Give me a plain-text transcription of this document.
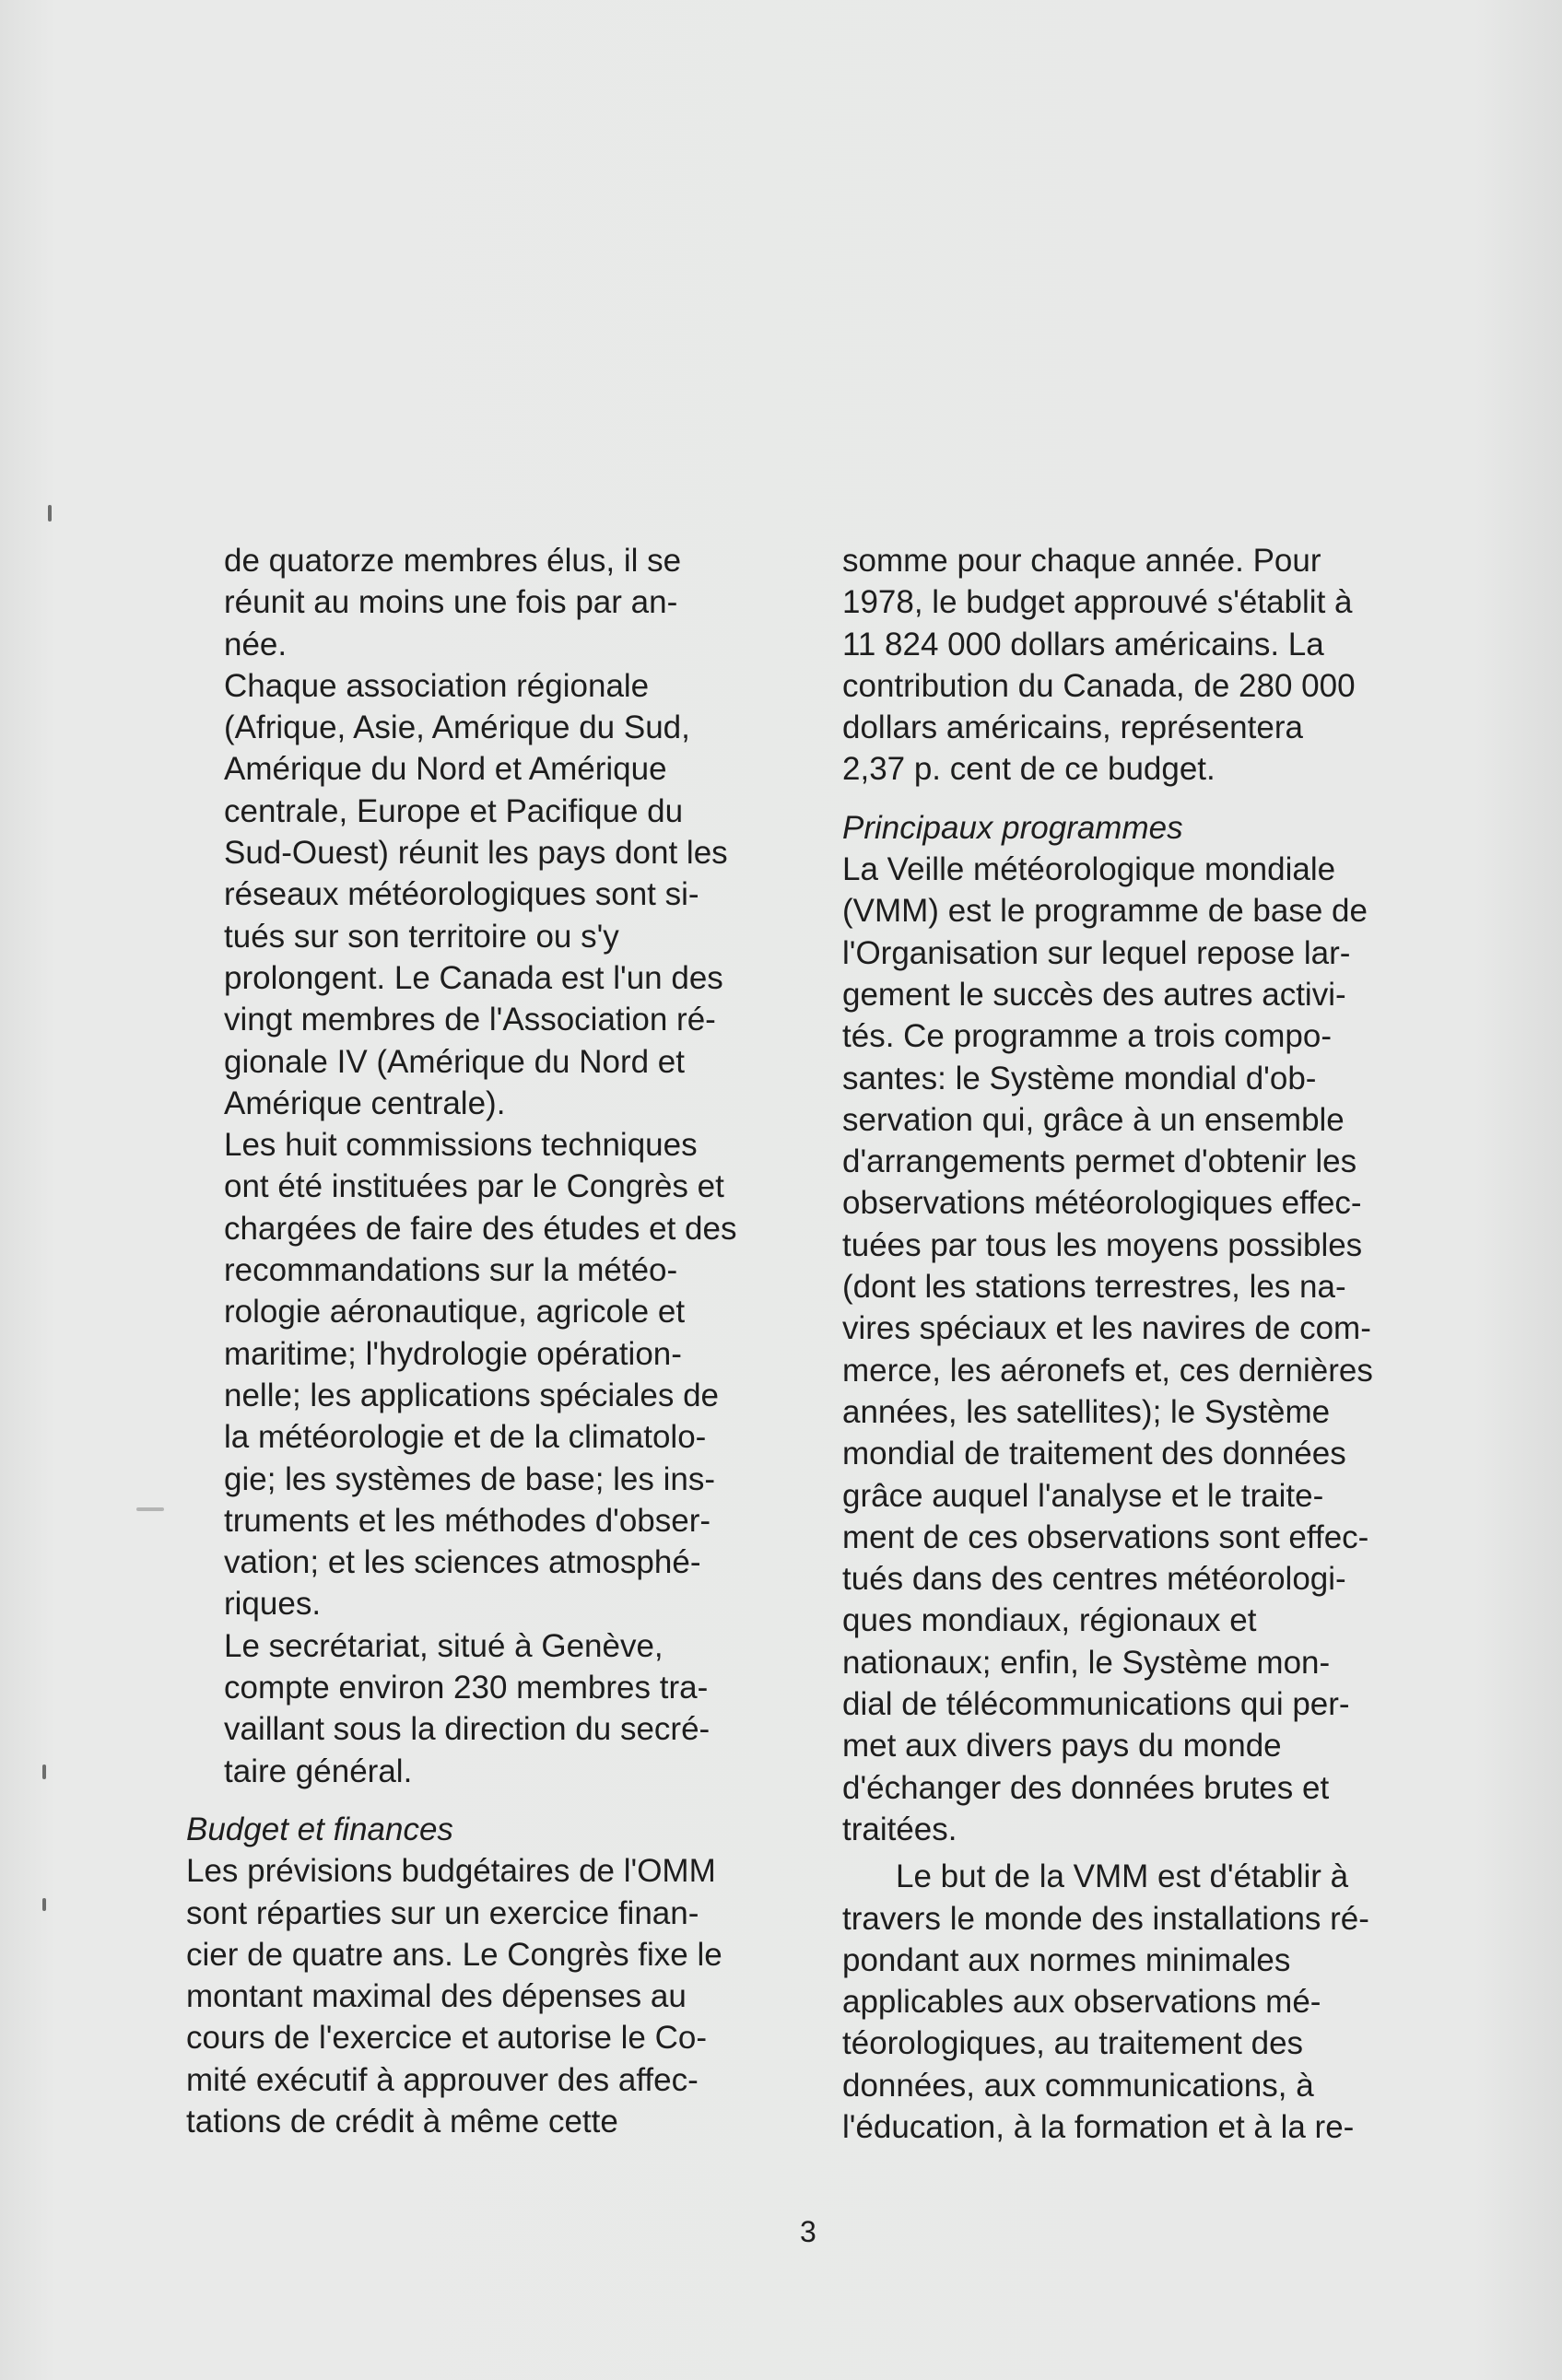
de quatorze membres élus, il se
réunit au moins une fois par an-
née.
Chaque association régionale
(Afrique, Asie, Amérique du Sud,
Amérique du Nord et Amérique
centrale, Europe et Pacifique du
Sud-Ouest) réunit les pays dont les
réseaux météorologiques sont si-
tués sur son territoire ou s'y
prolongent. Le Canada est l'un des
vingt membres de l'Association ré-
gionale IV (Amérique du Nord et
Amérique centrale).
Les huit commissions techniques
ont été instituées par le Congrès et
chargées de faire des études et des
recommandations sur la météo-
rologie aéronautique, agricole et
maritime; l'hydrologie opération-
nelle; les applications spéciales de
la météorologie et de la climatolo-
gie; les systèmes de base; les ins-
truments et les méthodes d'obser-
vation; et les sciences atmosphé-
riques.
Le secrétariat, situé à Genève,
compte environ 230 membres tra-
vaillant sous la direction du secré-
taire général.
Budget et finances
Les prévisions budgétaires de l'OMM
sont réparties sur un exercice finan-
cier de quatre ans. Le Congrès fixe le
montant maximal des dépenses au
cours de l'exercice et autorise le Co-
mité exécutif à approuver des affec-
tations de crédit à même cette
somme pour chaque année. Pour
1978, le budget approuvé s'établit à
11 824 000 dollars américains. La
contribution du Canada, de 280 000
dollars américains, représentera
2,37 p. cent de ce budget.
Principaux programmes
La Veille météorologique mondiale
(VMM) est le programme de base de
l'Organisation sur lequel repose lar-
gement le succès des autres activi-
tés. Ce programme a trois compo-
santes: le Système mondial d'ob-
servation qui, grâce à un ensemble
d'arrangements permet d'obtenir les
observations météorologiques effec-
tuées par tous les moyens possibles
(dont les stations terrestres, les na-
vires spéciaux et les navires de com-
merce, les aéronefs et, ces dernières
années, les satellites); le Système
mondial de traitement des données
grâce auquel l'analyse et le traite-
ment de ces observations sont effec-
tués dans des centres météorologi-
ques mondiaux, régionaux et
nationaux; enfin, le Système mon-
dial de télécommunications qui per-
met aux divers pays du monde
d'échanger des données brutes et
traitées.
Le but de la VMM est d'établir à
travers le monde des installations ré-
pondant aux normes minimales
applicables aux observations mé-
téorologiques, au traitement des
données, aux communications, à
l'éducation, à la formation et à la re-
3
